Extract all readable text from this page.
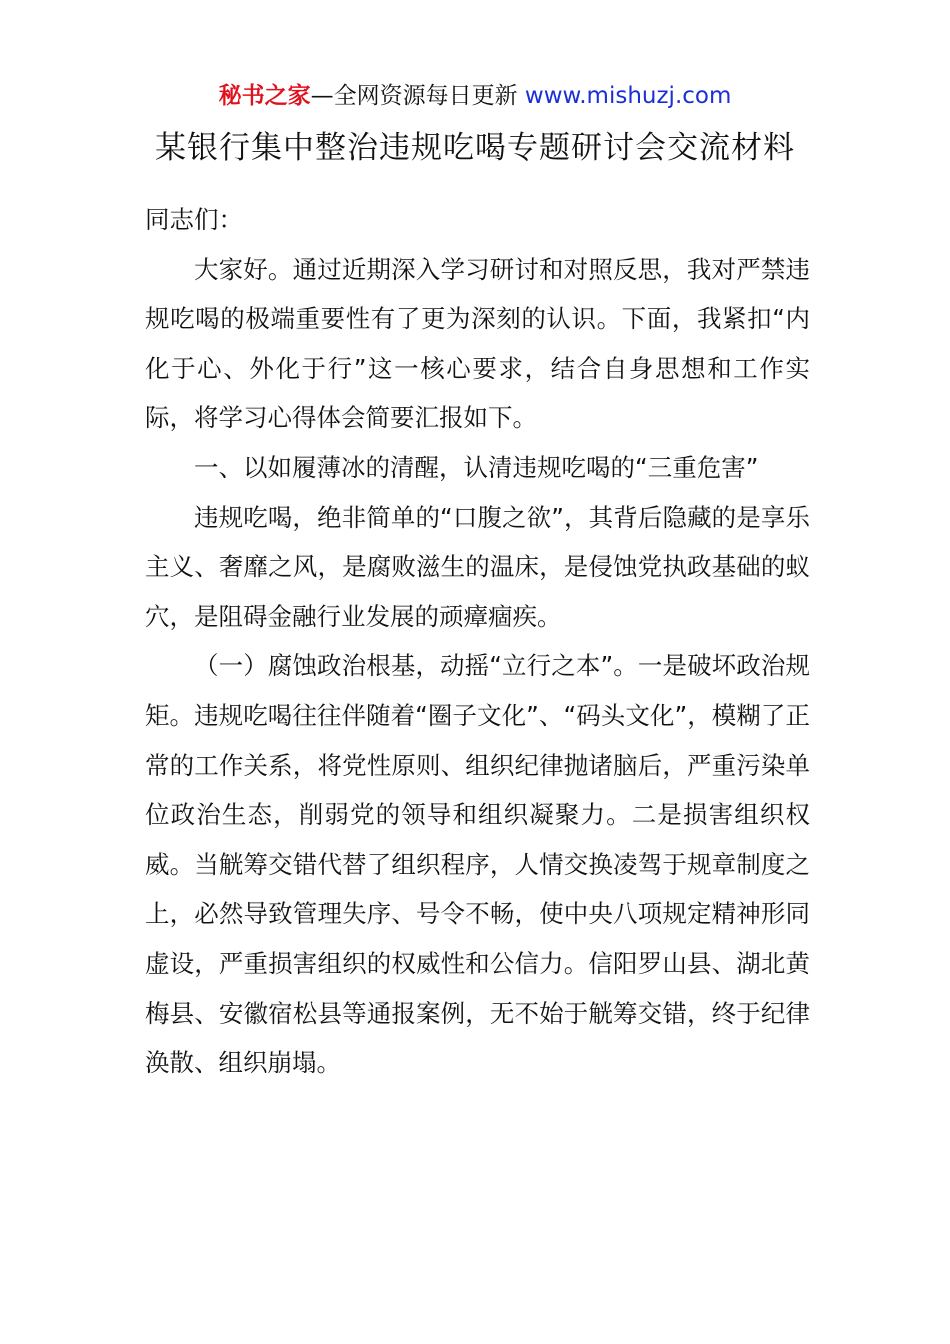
秘书之家—全网资源每日更新 www.mishuzj.com
某银行集中整治违规吃喝专题研讨会交流材料

同志们：

大家好。通过近期深入学习研讨和对照反思，我对严禁违规吃喝的极端重要性有了更为深刻的认识。下面，我紧扣“内化于心、外化于行”这一核心要求，结合自身思想和工作实际，将学习心得体会简要汇报如下。

一、以如履薄冰的清醒，认清违规吃喝的“三重危害”

违规吃喝，绝非简单的“口腹之欲”，其背后隐藏的是享乐主义、奢靡之风，是腐败滋生的温床，是侵蚀党执政基础的蚁穴，是阻碍金融行业发展的顽瘴痼疾。

（一）腐蚀政治根基，动摇“立行之本”。一是破坏政治规矩。违规吃喝往往伴随着“圈子文化”、“码头文化”，模糊了正常的工作关系，将党性原则、组织纪律抛诸脑后，严重污染单位政治生态，削弱党的领导和组织凝聚力。二是损害组织权威。当觥筹交错代替了组织程序，人情交换凌驾于规章制度之上，必然导致管理失序、号令不畅，使中央八项规定精神形同虚设，严重损害组织的权威性和公信力。信阳罗山县、湖北黄梅县、安徽宿松县等通报案例，无不始于觥筹交错，终于纪律涣散、组织崩塌。
